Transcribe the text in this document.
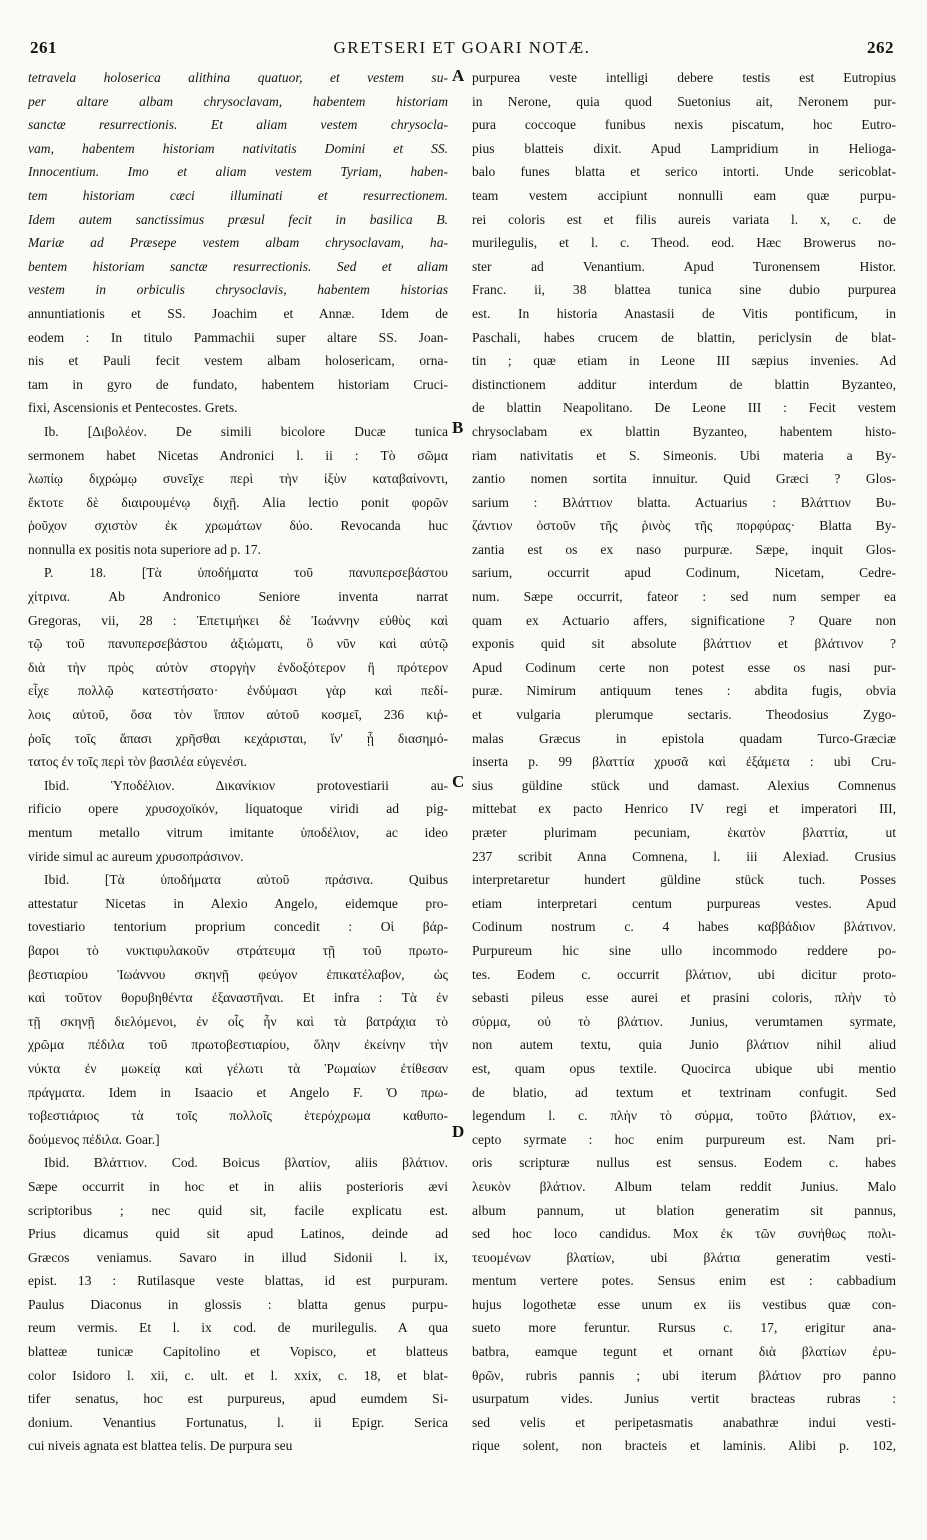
261	GRETSERI ET GOARI NOTÆ.	262
tetravela holosericа alithina quatuor, et vestem su-
per altare albam chrysoclavam, habentem historiam
sanctæ resurrectionis. Et aliam vestem chrysocla-
vam, habentem historiam nativitatis Domini et SS.
Innocentium. Imo et aliam vestem Tyriam, haben-
tem historiam cæci illuminati et resurrectionem.
Idem autem sanctissimus præsul fecit in basilica B.
Mariæ ad Præsepe vestem albam chrysoclavam, ha-
bentem historiam sanctæ resurrectionis. Sed et aliam
vestem in orbiculis chrysoclavis, habentem historias
annuntiationis et SS. Joachim et Annæ. Idem de
eodem : In titulo Pammachii super altare SS. Joan-
nis et Pauli fecit vestem albam holosericam, orna-
tam in gyro de fundato, habentem historiam Cruci-
fixi, Ascensionis et Pentecostes. Grets.
Ib. [Διβολέον. De simili bicolore Ducæ tunica
sermonem habet Nicetas Andronici l. ii : Τὸ σῶμα
λωπίῳ διχρώμῳ συνεῖχε περὶ τὴν ἰξὺν καταβαίνοντι,
ἔκτοτε δὲ διαιρουμένῳ διχῇ. Alia lectio ponit φορῶν
ῥοῦχον σχιστὸν ἐκ χρωμάτων δύο. Revocanda huc
nonnulla ex positis nota superiore ad p. 17.
P. 18. [Τὰ ὑποδήματα τοῦ πανυπερσεβάστου
χίτρινα. Ab Andronico Seniore inventa narrat
Gregoras, vii, 28 : Ἐπετιμήκει δὲ Ἰωάννην εὐθὺς καὶ
τῷ τοῦ πανυπερσεβάστου ἀξιώματι, ὃ νῦν καὶ αὐτῷ
διὰ τὴν πρὸς αὐτὸν στοργὴν ἐνδοξότερον ἢ πρότερον
εἶχε πολλῷ κατεστήσατο· ἐνδύμασι γὰρ καὶ πεδί-
λοις αὐτοῦ, ὅσα τὸν ἵππον αὐτοῦ κοσμεῖ, 236 κιῤ-
ῥοῖς τοῖς ἅπασι χρῆσθαι κεχάρισται, ἵν' ᾖ διασημό-
τατος ἐν τοῖς περὶ τὸν βασιλέα εὐγενέσι.
Ibid. Ὑποδέλιον. Δικανίκιον protovestiarii au-
rificio opere χρυσοχοϊκόν, liquatoque viridi ad pig-
mentum metallo vitrum imitante ὑποδέλιον, ac ideo
viride simul ac aureum χρυσοπράσινον.
Ibid. [Τὰ ὑποδήματα αὐτοῦ πράσινα. Quibus
attestatur Nicetas in Alexio Angelo, eidemque pro-
tovestiario tentorium proprium concedit : Οἱ βάρ-
βαροι τὸ νυκτιφυλακοῦν στράτευμα τῇ τοῦ πρωτο-
βεστιαρίου Ἰωάννου σκηνῇ φεύγον ἐπικατέλαβον, ὡς
καὶ τοῦτον θορυβηθέντα ἐξαναστῆναι. Et infra : Τὰ ἐν
τῇ σκηνῇ διελόμενοι, ἐν οἷς ἦν καὶ τὰ βατράχια τὸ
χρῶμα πέδιλα τοῦ πρωτοβεστιαρίου, ὅλην ἐκείνην τὴν
νύκτα ἐν μωκείᾳ καὶ γέλωτι τὰ Ῥωμαίων ἐτίθεσαν
πράγματα. Idem in Isaacio et Angelo F. Ὁ πρω-
τοβεστιάριος τὰ τοῖς πολλοῖς ἑτερόχρωμα καθυπο-
δούμενος πέδιλα. Goar.]
Ibid. Βλάττιον. Cod. Boicus βλατίον, aliis βλάτιον.
Sæpe occurrit in hoc et in aliis posterioris ævi
scriptoribus ; nec quid sit, facile explicatu est.
Prius dicamus quid sit apud Latinos, deinde ad
Græcos veniamus. Savaro in illud Sidonii l. ix,
epist. 13 : Rutilasque veste blattas, id est purpuram.
Paulus Diaconus in glossis : blatta genus purpu-
reum vermis. Et l. ix cod. de murilegulis. A qua
blatteæ tunicæ Capitolino et Vopisco, et blatteus
color Isidoro l. xii, c. ult. et l. xxix, c. 18, et blat-
tifer senatus, hoc est purpureus, apud eumdem Si-
donium. Venantius Fortunatus, l. ii Epigr. Serica
cui niveis agnata est blattea telis. De purpura seu
purpurea veste intelligi debere testis est Eutropius
in Nerone, quia quod Suetonius ait, Neronem pur-
pura coccoque funibus nexis piscatum, hoc Eutro-
pius blatteis dixit. Apud Lampridium in Helioga-
balo funes blatta et serico intorti. Unde sericoblat-
team vestem accipiunt nonnulli eam quæ purpu-
rei coloris est et filis aureis variata l. x, c. de
murilegulis, et l. c. Theod. eod. Hæc Browerus no-
ster ad Venantium. Apud Turonensem Histor.
Franc. ii, 38 blattea tunica sine dubio purpurea
est. In historia Anastasii de Vitis pontificum, in
Paschali, habes crucem de blattin, periclysin de blat-
tin ; quæ etiam in Leone III sæpius invenies. Ad
distinctionem additur interdum de blattin Byzanteo,
de blattin Neapolitano. De Leone III : Fecit vestem
chrysoclabam ex blattin Byzanteo, habentem histo-
riam nativitatis et S. Simeonis. Ubi materia a By-
zantio nomen sortita innuitur. Quid Græci ? Glos-
sarium : Βλάττιον blatta. Actuarius : Βλάττιον Βυ-
ζάντιον ὀστοῦν τῆς ῥινὸς τῆς πορφύρας· Blatta By-
zantia est os ex naso purpuræ. Sæpe, inquit Glos-
sarium, occurrit apud Codinum, Nicetam, Cedre-
num. Sæpe occurrit, fateor : sed num semper ea
quam ex Actuario affers, significatione ? Quare non
exponis quid sit absolute βλάττιον et βλάτινον ?
Apud Codinum certe non potest esse os nasi pur-
puræ. Nimirum antiquum tenes : abdita fugis, obvia
et vulgaria plerumque sectaris. Theodosius Zygo-
malas Græcus in epistola quadam Turco-Græciæ
inserta p. 99 βλαττία χρυσᾶ καὶ ἐξάμετα : ubi Cru-
sius güldine stück und damast. Alexius Comnenus
mittebat ex pacto Henrico IV regi et imperatori III,
præter plurimam pecuniam, ἑκατὸν βλαττία, ut
237 scribit Anna Comnena, l. iii Alexiad. Crusius
interpretaretur hundert güldine stück tuch. Posses
etiam interpretari centum purpureas vestes. Apud
Codinum nostrum c. 4 habes καββάδιον βλάτινον.
Purpureum hic sine ullo incommodo reddere po-
tes. Eodem c. occurrit βλάτιον, ubi dicitur proto-
sebasti pileus esse aurei et prasini coloris, πλὴν τὸ
σύρμα, οὐ τὸ βλάτιον. Junius, verumtamen syrmate,
non autem textu, quia Junio βλάτιον nihil aliud
est, quam opus textile. Quocirca ubique ubi mentio
de blatio, ad textum et textrinam confugit. Sed
legendum l. c. πλὴν τὸ σύρμα, τοῦτο βλάτιον, ex-
cepto syrmate : hoc enim purpureum est. Nam pri-
oris scripturæ nullus est sensus. Eodem c. habes
λευκὸν βλάτιον. Album telam reddit Junius. Malo
album pannum, ut blation generatim sit pannus,
sed hoc loco candidus. Mox ἐκ τῶν συνήθως πολι-
τευομένων βλατίων, ubi βλάτια generatim vesti-
mentum vertere potes. Sensus enim est : cabbadium
hujus logothetæ esse unum ex iis vestibus quæ con-
sueto more feruntur. Rursus c. 17, erigitur ana-
batbra, eamque tegunt et ornant διὰ βλατίων ἐρυ-
θρῶν, rubris pannis ; ubi iterum βλάτιον pro panno
usurpatum vides. Junius vertit bracteas rubras :
sed velis et peripetasmatis anabathræ indui vesti-
rique solent, non bracteis et laminis. Alibi p. 102,
A
B
C
D
